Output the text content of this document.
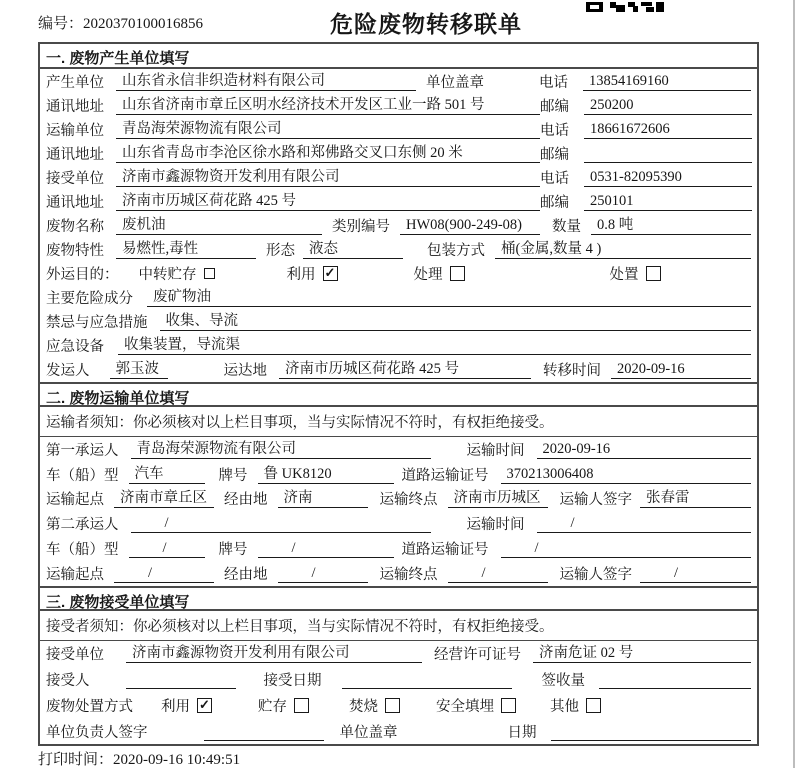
编号：2020370100016856	危险废物转移联单
一. 废物产生单位填写
产生单位	山东省永信非织造材料有限公司	单位盖章	电话	13854169160
通讯地址	山东省济南市章丘区明水经济技术开发区工业一路 501 号	邮编	250200
运输单位	青岛海荣源物流有限公司	电话	18661672606
通讯地址	山东省青岛市李沧区徐水路和郑佛路交叉口东侧 20 米	邮编
接受单位	济南市鑫源物资开发利用有限公司	电话	0531-82095390
通讯地址	济南市历城区荷花路 425 号	邮编	250101
废物名称	废机油	类别编号	HW08(900-249-08)	数量	0.8 吨
废物特性	易燃性,毒性	形态 液态	包装方式	桶(金属,数量 4 )
外运目的： 中转贮存	利用 ✓	处理	处置
主要危险成分	废矿物油
禁忌与应急措施	收集、导流
应急设备	收集装置，导流渠
发运人	郭玉波	运达地	济南市历城区荷花路 425 号	转移时间	2020-09-16
二. 废物运输单位填写
运输者须知：你必须核对以上栏目事项，当与实际情况不符时，有权拒绝接受。
第一承运人	青岛海荣源物流有限公司	运输时间	2020-09-16
车（船）型	汽车	牌号	鲁 UK8120	道路运输证号	370213006408
运输起点	济南市章丘区	经由地	济南	运输终点	济南市历城区	运输人签字 张春雷
第二承运人	/	运输时间	/
车（船）型	/	牌号	/	道路运输证号	/
运输起点	/	经由地	/	运输终点	/	运输人签字	/
三. 废物接受单位填写
接受者须知：你必须核对以上栏目事项，当与实际情况不符时，有权拒绝接受。
接受单位	济南市鑫源物资开发利用有限公司	经营许可证号	济南危证 02 号
接受人	接受日期	签收量
废物处置方式 利用 ✓	贮存	焚烧	安全填埋	其他
单位负责人签字	单位盖章	日期
打印时间：2020-09-16 10:49:51
